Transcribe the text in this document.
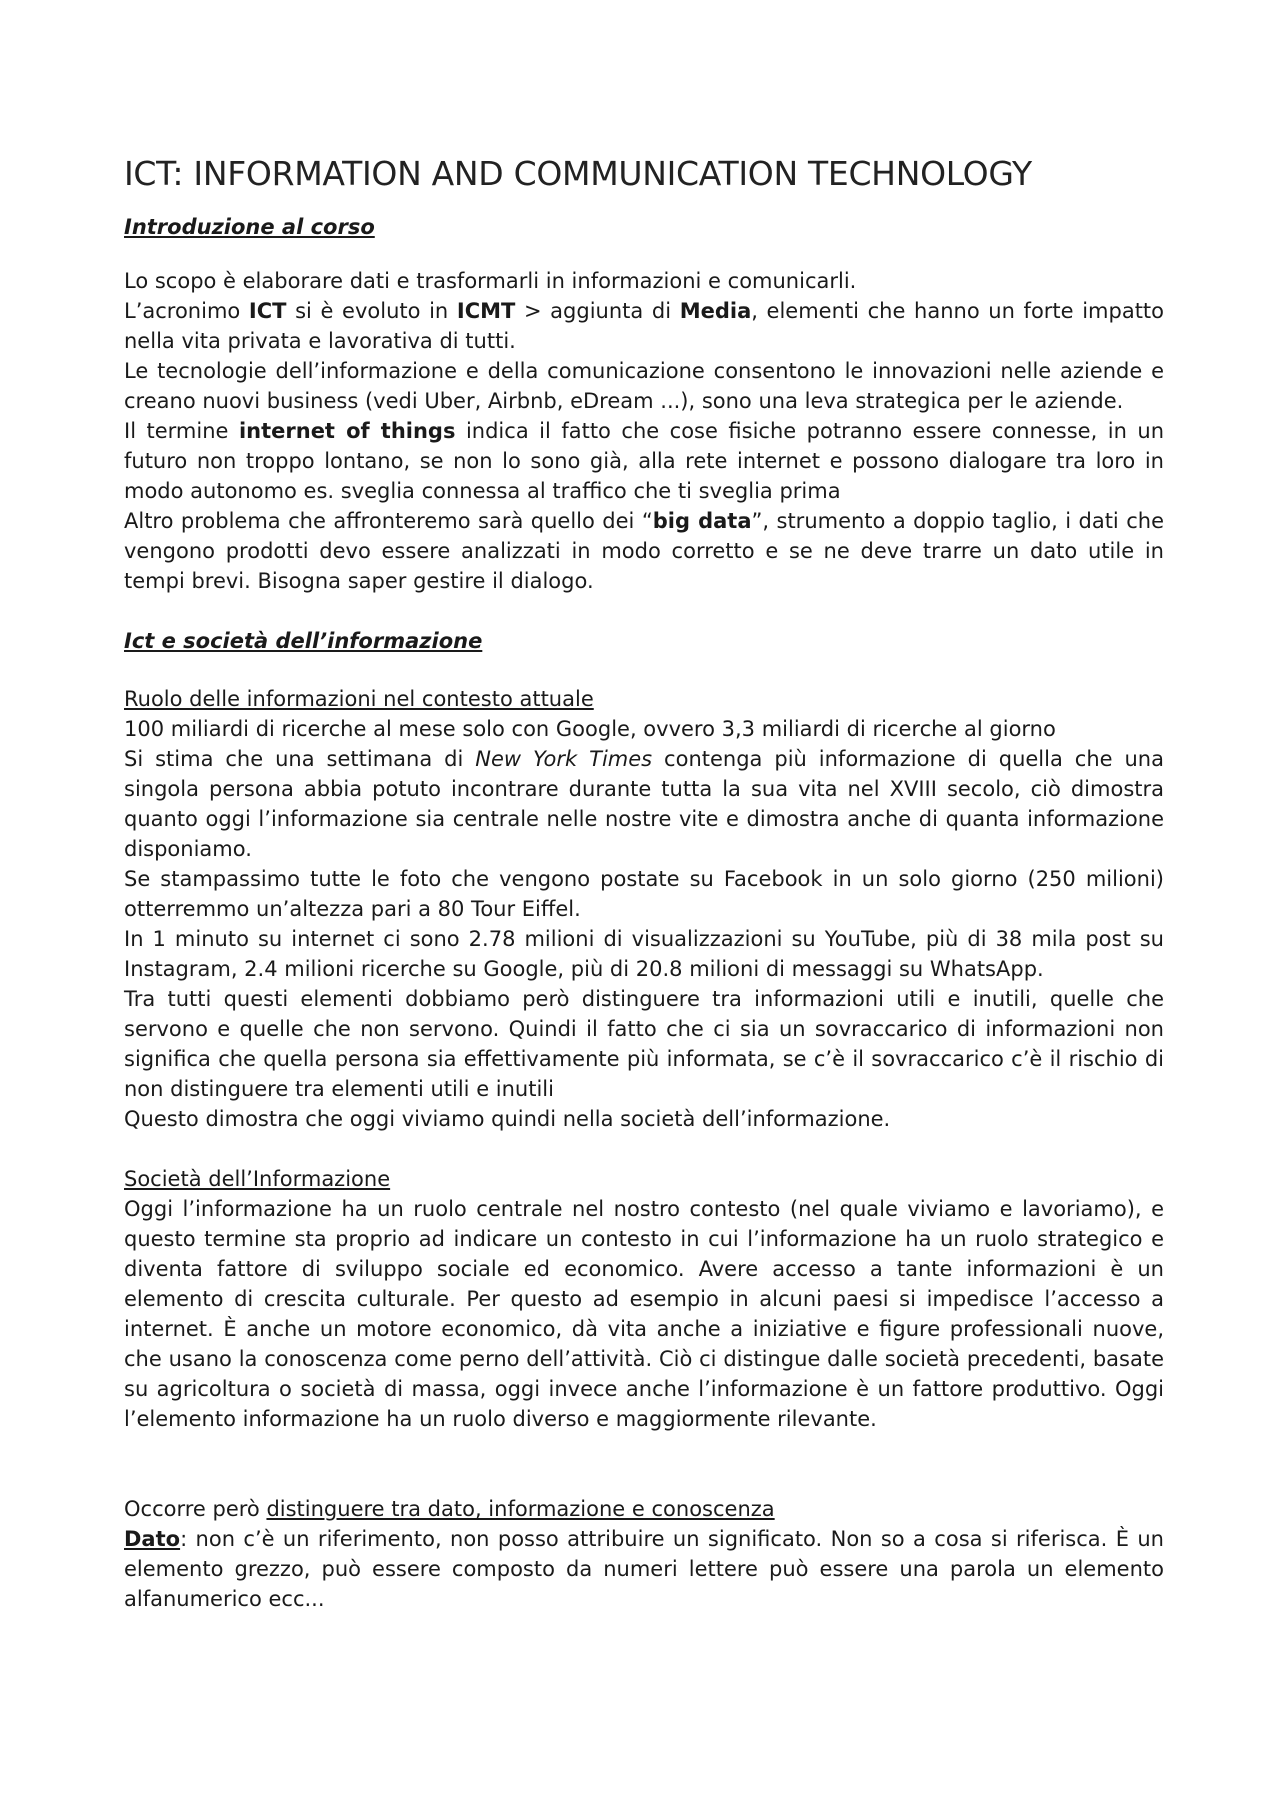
ICT: INFORMATION AND COMMUNICATION TECHNOLOGY
Introduzione al corso

Lo scopo è elaborare dati e trasformarli in informazioni e comunicarli.

L’acronimo ICT si è evoluto in ICMT > aggiunta di Media, elementi che hanno un forte impatto nella vita privata e lavorativa di tutti.

Le tecnologie dell’informazione e della comunicazione consentono le innovazioni nelle aziende e creano nuovi business (vedi Uber, Airbnb, eDream ...), sono una leva strategica per le aziende.

Il termine internet of things indica il fatto che cose fisiche potranno essere connesse, in un futuro non troppo lontano, se non lo sono già, alla rete internet e possono dialogare tra loro in modo autonomo es. sveglia connessa al traffico che ti sveglia prima

Altro problema che affronteremo sarà quello dei “big data”, strumento a doppio taglio, i dati che vengono prodotti devo essere analizzati in modo corretto e se ne deve trarre un dato utile in tempi brevi. Bisogna saper gestire il dialogo.

Ict e società dell’informazione
Ruolo delle informazioni nel contesto attuale

100 miliardi di ricerche al mese solo con Google, ovvero 3,3 miliardi di ricerche al giorno

Si stima che una settimana di New York Times contenga più informazione di quella che una singola persona abbia potuto incontrare durante tutta la sua vita nel XVIII secolo, ciò dimostra quanto oggi l’informazione sia centrale nelle nostre vite e dimostra anche di quanta informazione disponiamo.

Se stampassimo tutte le foto che vengono postate su Facebook in un solo giorno (250 milioni) otterremmo un’altezza pari a 80 Tour Eiffel.

In 1 minuto su internet ci sono 2.78 milioni di visualizzazioni su YouTube, più di 38 mila post su Instagram, 2.4 milioni ricerche su Google, più di 20.8 milioni di messaggi su WhatsApp.

Tra tutti questi elementi dobbiamo però distinguere tra informazioni utili e inutili, quelle che servono e quelle che non servono. Quindi il fatto che ci sia un sovraccarico di informazioni non significa che quella persona sia effettivamente più informata, se c’è il sovraccarico c’è il rischio di non distinguere tra elementi utili e inutili

Questo dimostra che oggi viviamo quindi nella società dell’informazione.

Società dell’Informazione

Oggi l’informazione ha un ruolo centrale nel nostro contesto (nel quale viviamo e lavoriamo), e questo termine sta proprio ad indicare un contesto in cui l’informazione ha un ruolo strategico e diventa fattore di sviluppo sociale ed economico. Avere accesso a tante informazioni è un elemento di crescita culturale. Per questo ad esempio in alcuni paesi si impedisce l’accesso a internet. È anche un motore economico, dà vita anche a iniziative e figure professionali nuove, che usano la conoscenza come perno dell’attività. Ciò ci distingue dalle società precedenti, basate su agricoltura o società di massa, oggi invece anche l’informazione è un fattore produttivo. Oggi l’elemento informazione ha un ruolo diverso e maggiormente rilevante.

Occorre però distinguere tra dato, informazione e conoscenza

Dato: non c’è un riferimento, non posso attribuire un significato. Non so a cosa si riferisca. È un elemento grezzo, può essere composto da numeri lettere può essere una parola un elemento alfanumerico ecc...
